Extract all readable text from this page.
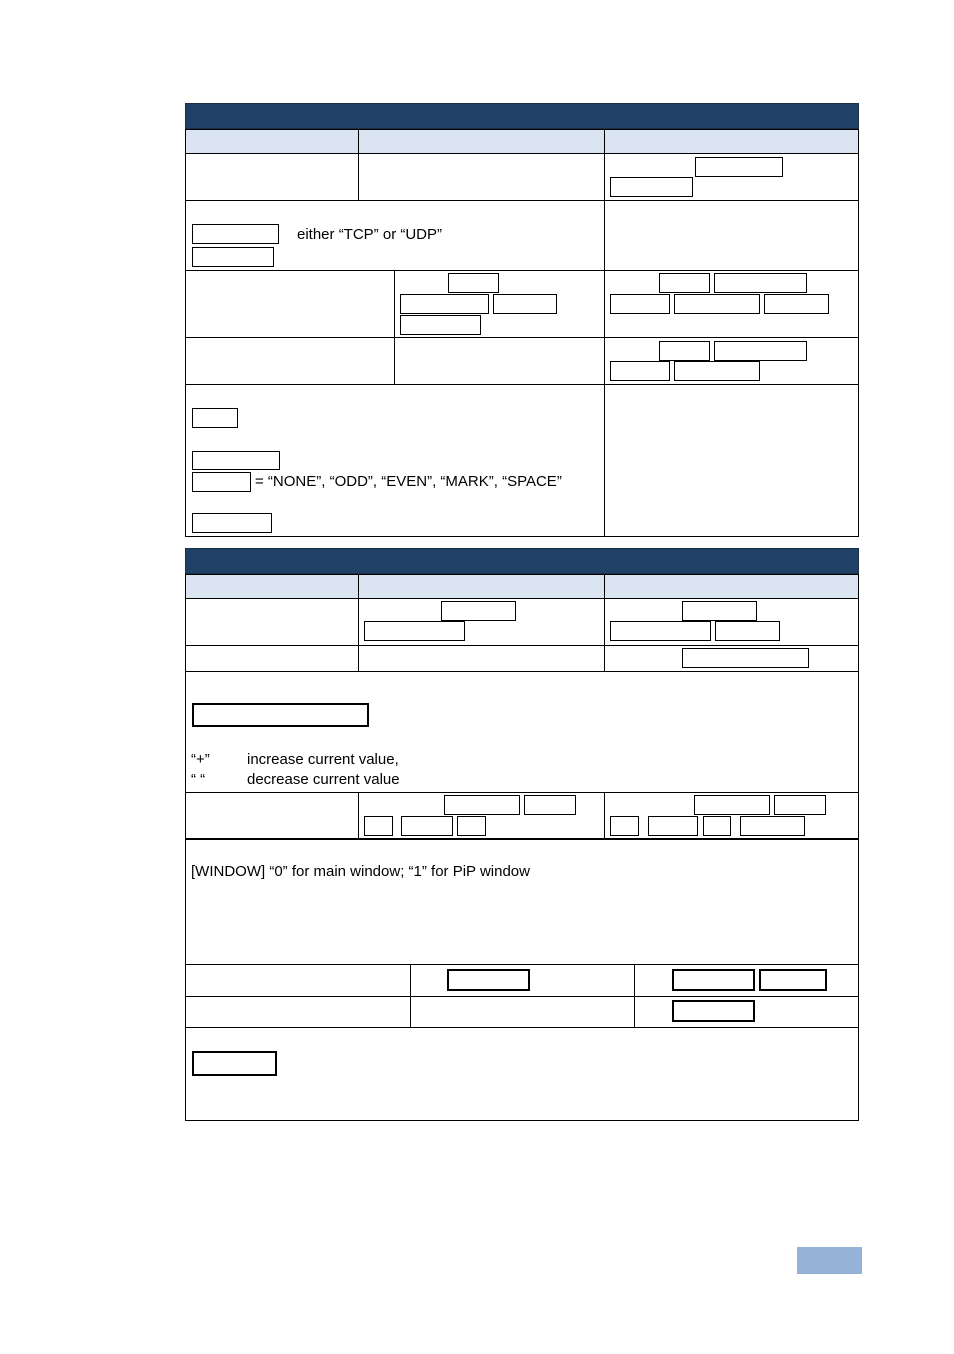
either “TCP” or “UDP”
= “NONE”, “ODD”, “EVEN”, “MARK”, “SPACE”
“+” increase current value,
“ “	decrease current value
[WINDOW] “0” for main window; “1” for PiP window
